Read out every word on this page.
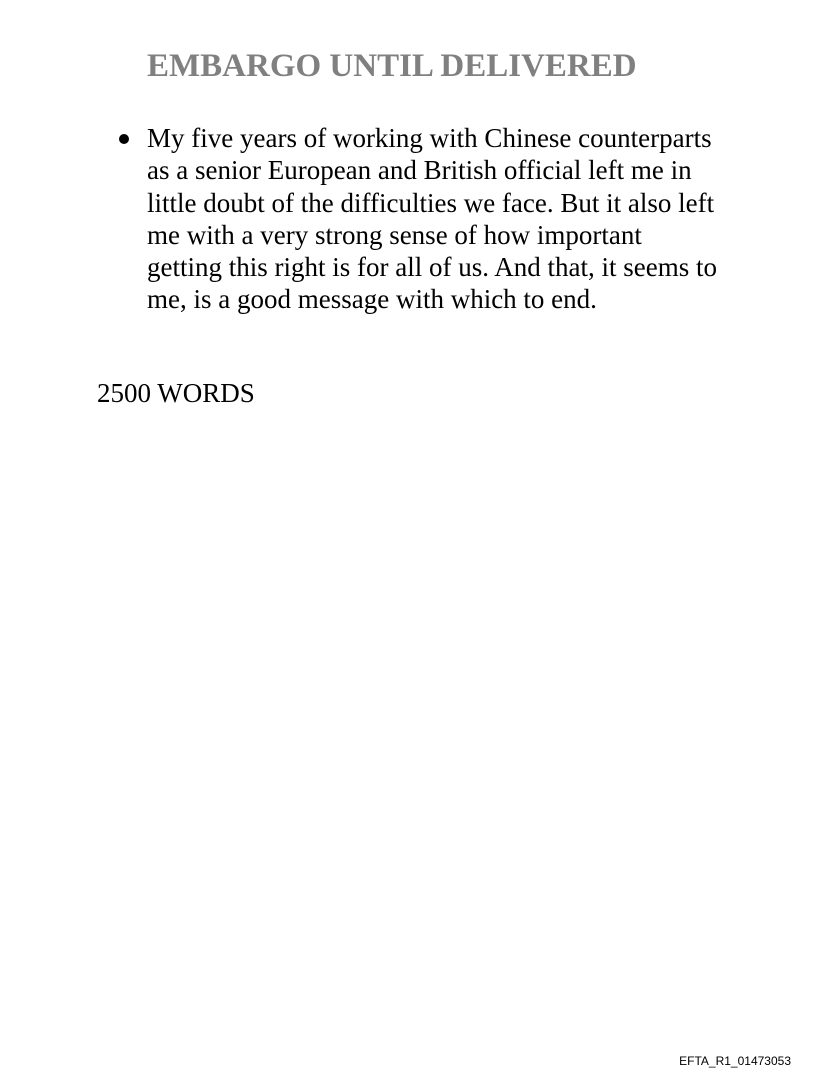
EMBARGO UNTIL DELIVERED

My five years of working with Chinese counterparts as a senior European and British official left me in little doubt of the difficulties we face. But it also left me with a very strong sense of how important getting this right is for all of us. And that, it seems to me, is a good message with which to end.

2500 WORDS
EFTA_R1_01473053
